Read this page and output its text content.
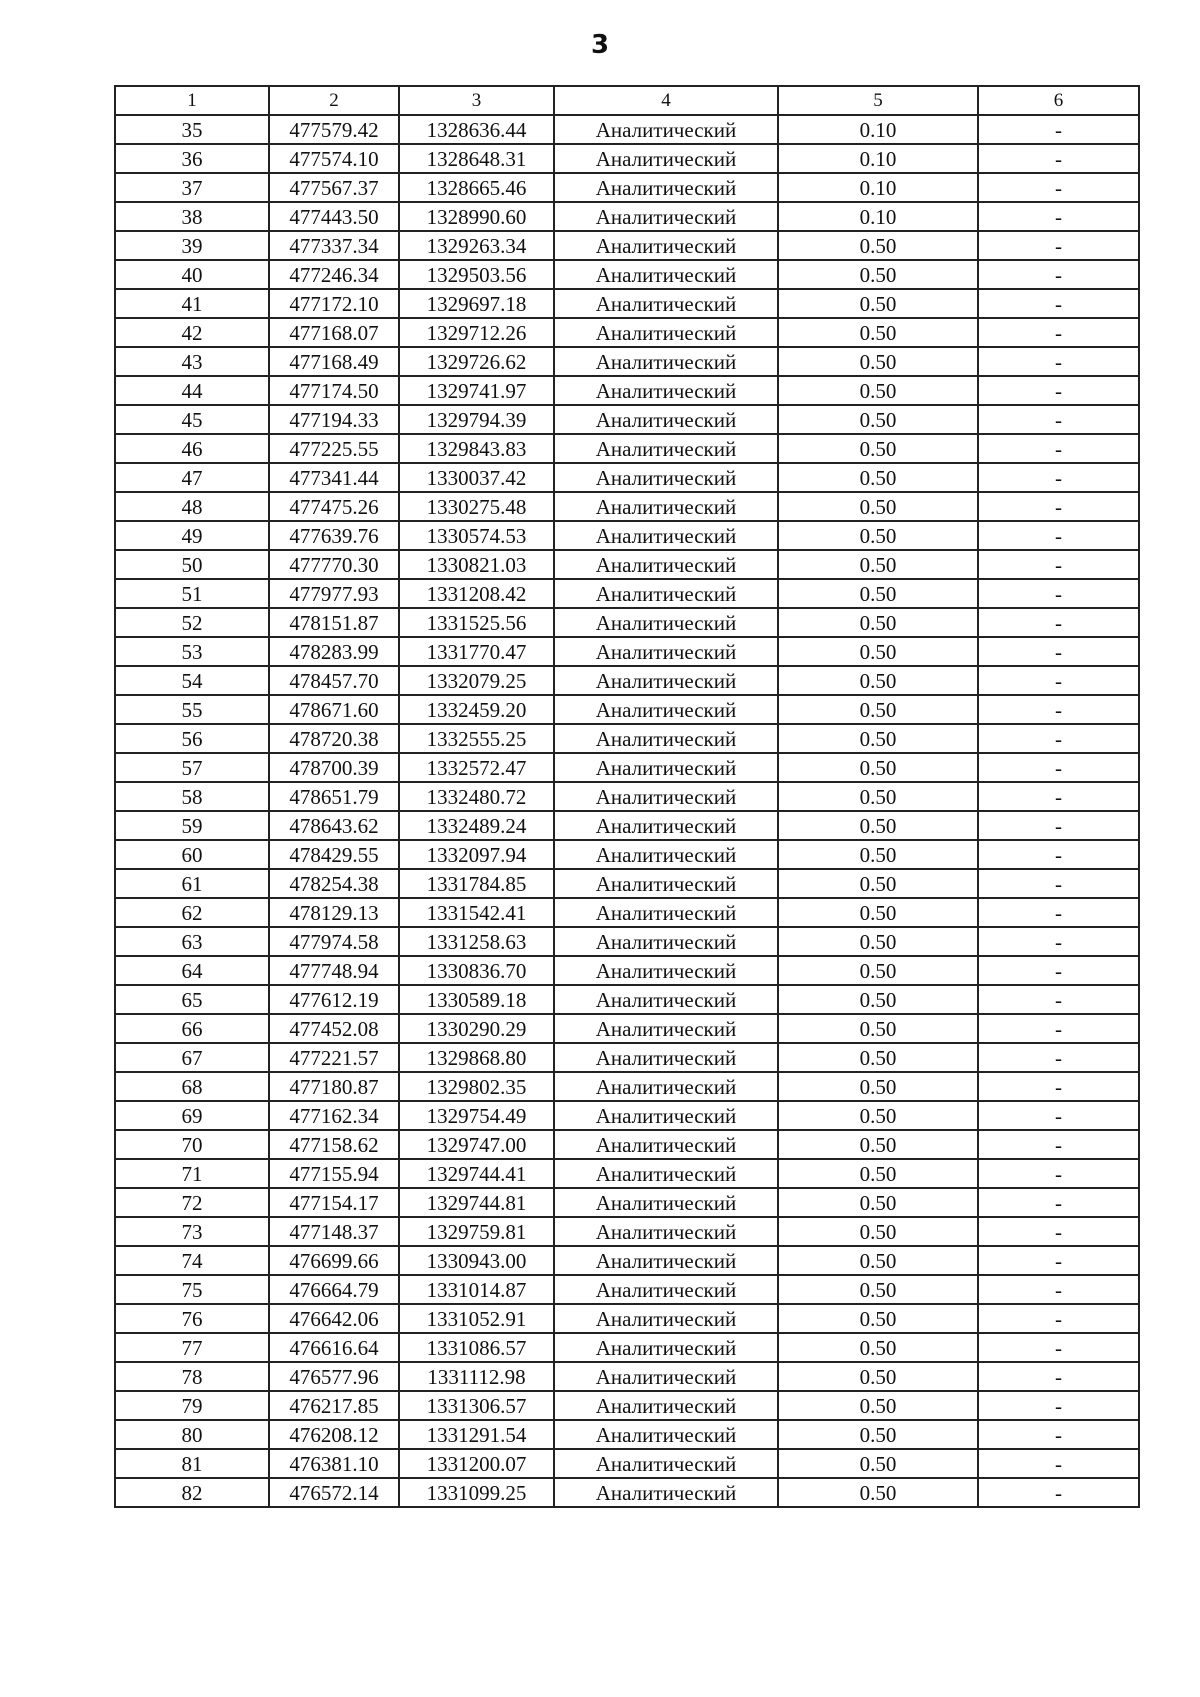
3
1	2	3	4	5	6
35	477579.42	1328636.44	Аналитический	0.10	-
36	477574.10	1328648.31	Аналитический	0.10	-
37	477567.37	1328665.46	Аналитический	0.10	-
38	477443.50	1328990.60	Аналитический	0.10	-
39	477337.34	1329263.34	Аналитический	0.50	-
40	477246.34	1329503.56	Аналитический	0.50	-
41	477172.10	1329697.18	Аналитический	0.50	-
42	477168.07	1329712.26	Аналитический	0.50	-
43	477168.49	1329726.62	Аналитический	0.50	-
44	477174.50	1329741.97	Аналитический	0.50	-
45	477194.33	1329794.39	Аналитический	0.50	-
46	477225.55	1329843.83	Аналитический	0.50	-
47	477341.44	1330037.42	Аналитический	0.50	-
48	477475.26	1330275.48	Аналитический	0.50	-
49	477639.76	1330574.53	Аналитический	0.50	-
50	477770.30	1330821.03	Аналитический	0.50	-
51	477977.93	1331208.42	Аналитический	0.50	-
52	478151.87	1331525.56	Аналитический	0.50	-
53	478283.99	1331770.47	Аналитический	0.50	-
54	478457.70	1332079.25	Аналитический	0.50	-
55	478671.60	1332459.20	Аналитический	0.50	-
56	478720.38	1332555.25	Аналитический	0.50	-
57	478700.39	1332572.47	Аналитический	0.50	-
58	478651.79	1332480.72	Аналитический	0.50	-
59	478643.62	1332489.24	Аналитический	0.50	-
60	478429.55	1332097.94	Аналитический	0.50	-
61	478254.38	1331784.85	Аналитический	0.50	-
62	478129.13	1331542.41	Аналитический	0.50	-
63	477974.58	1331258.63	Аналитический	0.50	-
64	477748.94	1330836.70	Аналитический	0.50	-
65	477612.19	1330589.18	Аналитический	0.50	-
66	477452.08	1330290.29	Аналитический	0.50	-
67	477221.57	1329868.80	Аналитический	0.50	-
68	477180.87	1329802.35	Аналитический	0.50	-
69	477162.34	1329754.49	Аналитический	0.50	-
70	477158.62	1329747.00	Аналитический	0.50	-
71	477155.94	1329744.41	Аналитический	0.50	-
72	477154.17	1329744.81	Аналитический	0.50	-
73	477148.37	1329759.81	Аналитический	0.50	-
74	476699.66	1330943.00	Аналитический	0.50	-
75	476664.79	1331014.87	Аналитический	0.50	-
76	476642.06	1331052.91	Аналитический	0.50	-
77	476616.64	1331086.57	Аналитический	0.50	-
78	476577.96	1331112.98	Аналитический	0.50	-
79	476217.85	1331306.57	Аналитический	0.50	-
80	476208.12	1331291.54	Аналитический	0.50	-
81	476381.10	1331200.07	Аналитический	0.50	-
82	476572.14	1331099.25	Аналитический	0.50	-
